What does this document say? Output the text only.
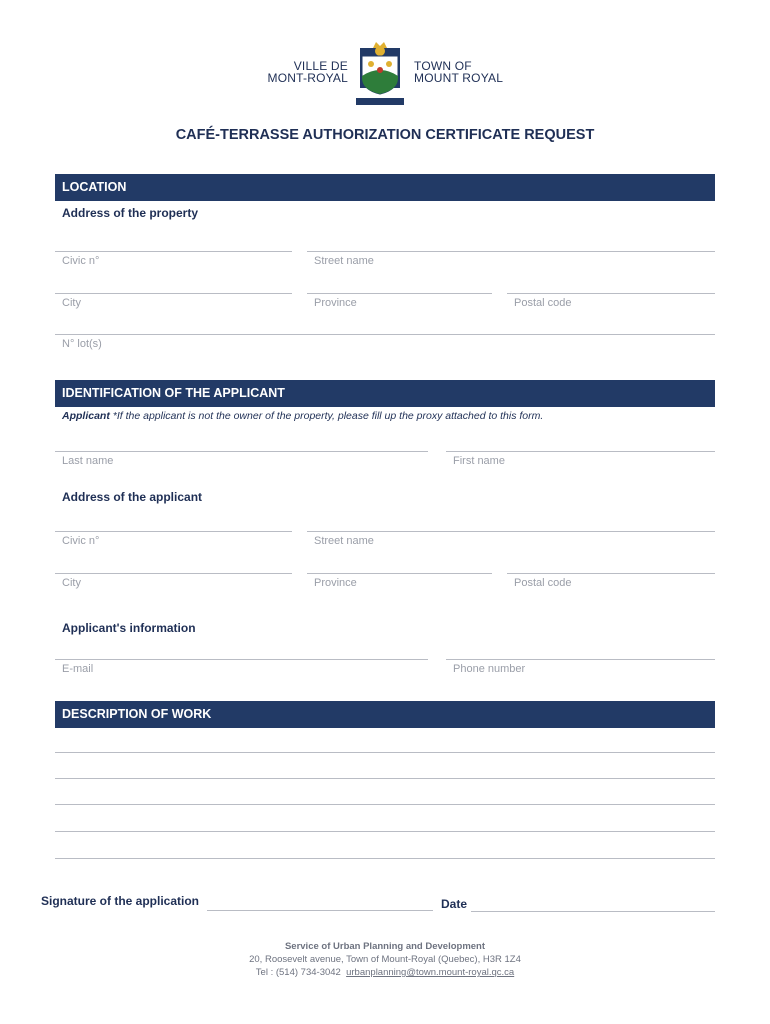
VILLE DE
MONT-ROYAL
TOWN OF
MOUNT ROYAL
CAFÉ-TERRASSE AUTHORIZATION CERTIFICATE REQUEST
LOCATION
Address of the property
Civic n°	Street name
City	Province	Postal code
N° lot(s)
IDENTIFICATION OF THE APPLICANT
Applicant *If the applicant is not the owner of the property, please fill up the proxy attached to this form.
Last name	First name
Address of the applicant
Civic n°	Street name
City	Province	Postal code
Applicant's information
E-mail	Phone number
DESCRIPTION OF WORK
Signature of the application	Date
Service of Urban Planning and Development
20, Roosevelt avenue, Town of Mount-Royal (Quebec), H3R 1Z4
Tel : (514) 734-3042 urbanplanning@town.mount-royal.qc.ca
